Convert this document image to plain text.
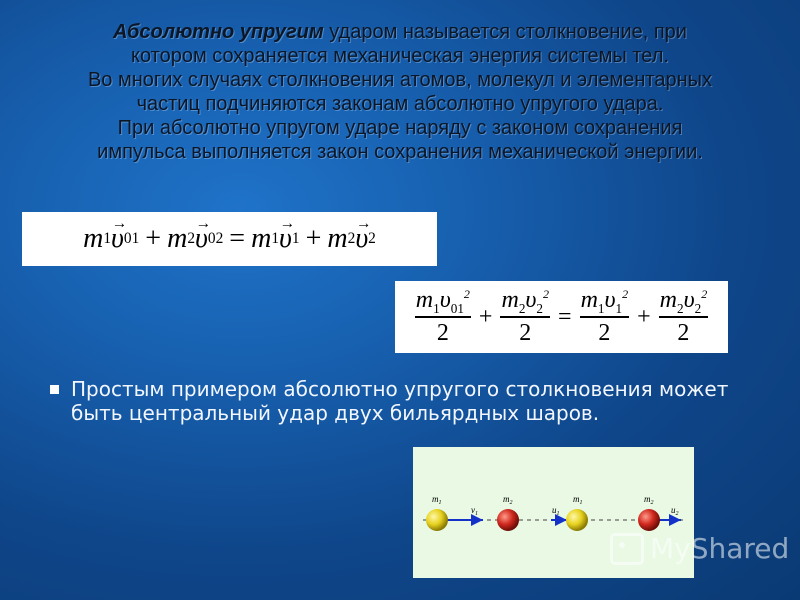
Абсолютно упругим ударом называется столкновение, при
котором сохраняется механическая энергия системы тел.
Во многих случаях столкновения атомов, молекул и элементарных
частиц подчиняются законам абсолютно упругого удара.
При абсолютно упругом ударе наряду с законом сохранения
импульса выполняется закон сохранения механической энергии.
m 1 → υ 01 + m 2 → υ 02 = m 1 → υ 1 + m 2 → υ 2
$\frac{m_1\upsilon_{01}^2}{2} + \frac{m_2\upsilon_2^2}{2} = \frac{m_1\upsilon_1^2}{2} + \frac{m_2\upsilon_2^2}{2}$
Простым примером абсолютно упругого столкновения может быть центральный удар двух бильярдных шаров.
$m_1$	$m_2$
$v_1$
$m_1$	$m_2$
$u_1$	$u_2$
MyShared
